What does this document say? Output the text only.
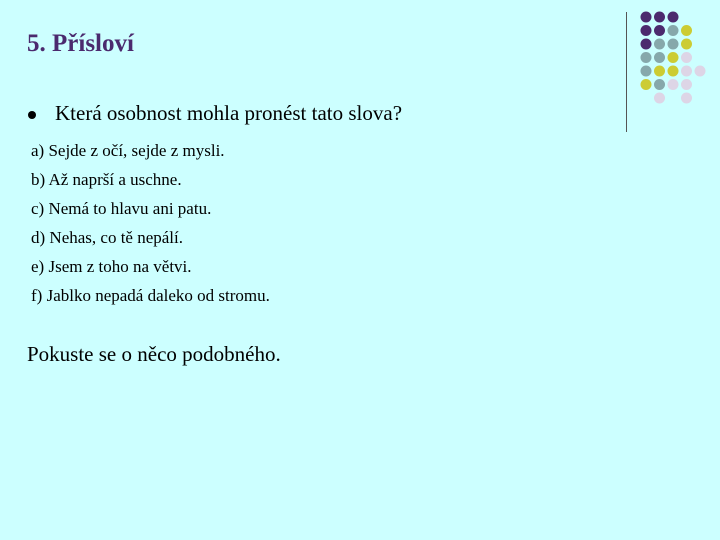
5. Přísloví
Která osobnost mohla pronést tato slova?
a) Sejde z očí, sejde z mysli.
b) Až naprší a uschne.
c) Nemá to hlavu ani patu.
d) Nehas, co tě nepálí.
e) Jsem z toho na větvi.
f) Jablko nepadá daleko od stromu.
Pokuste se o něco podobného.
